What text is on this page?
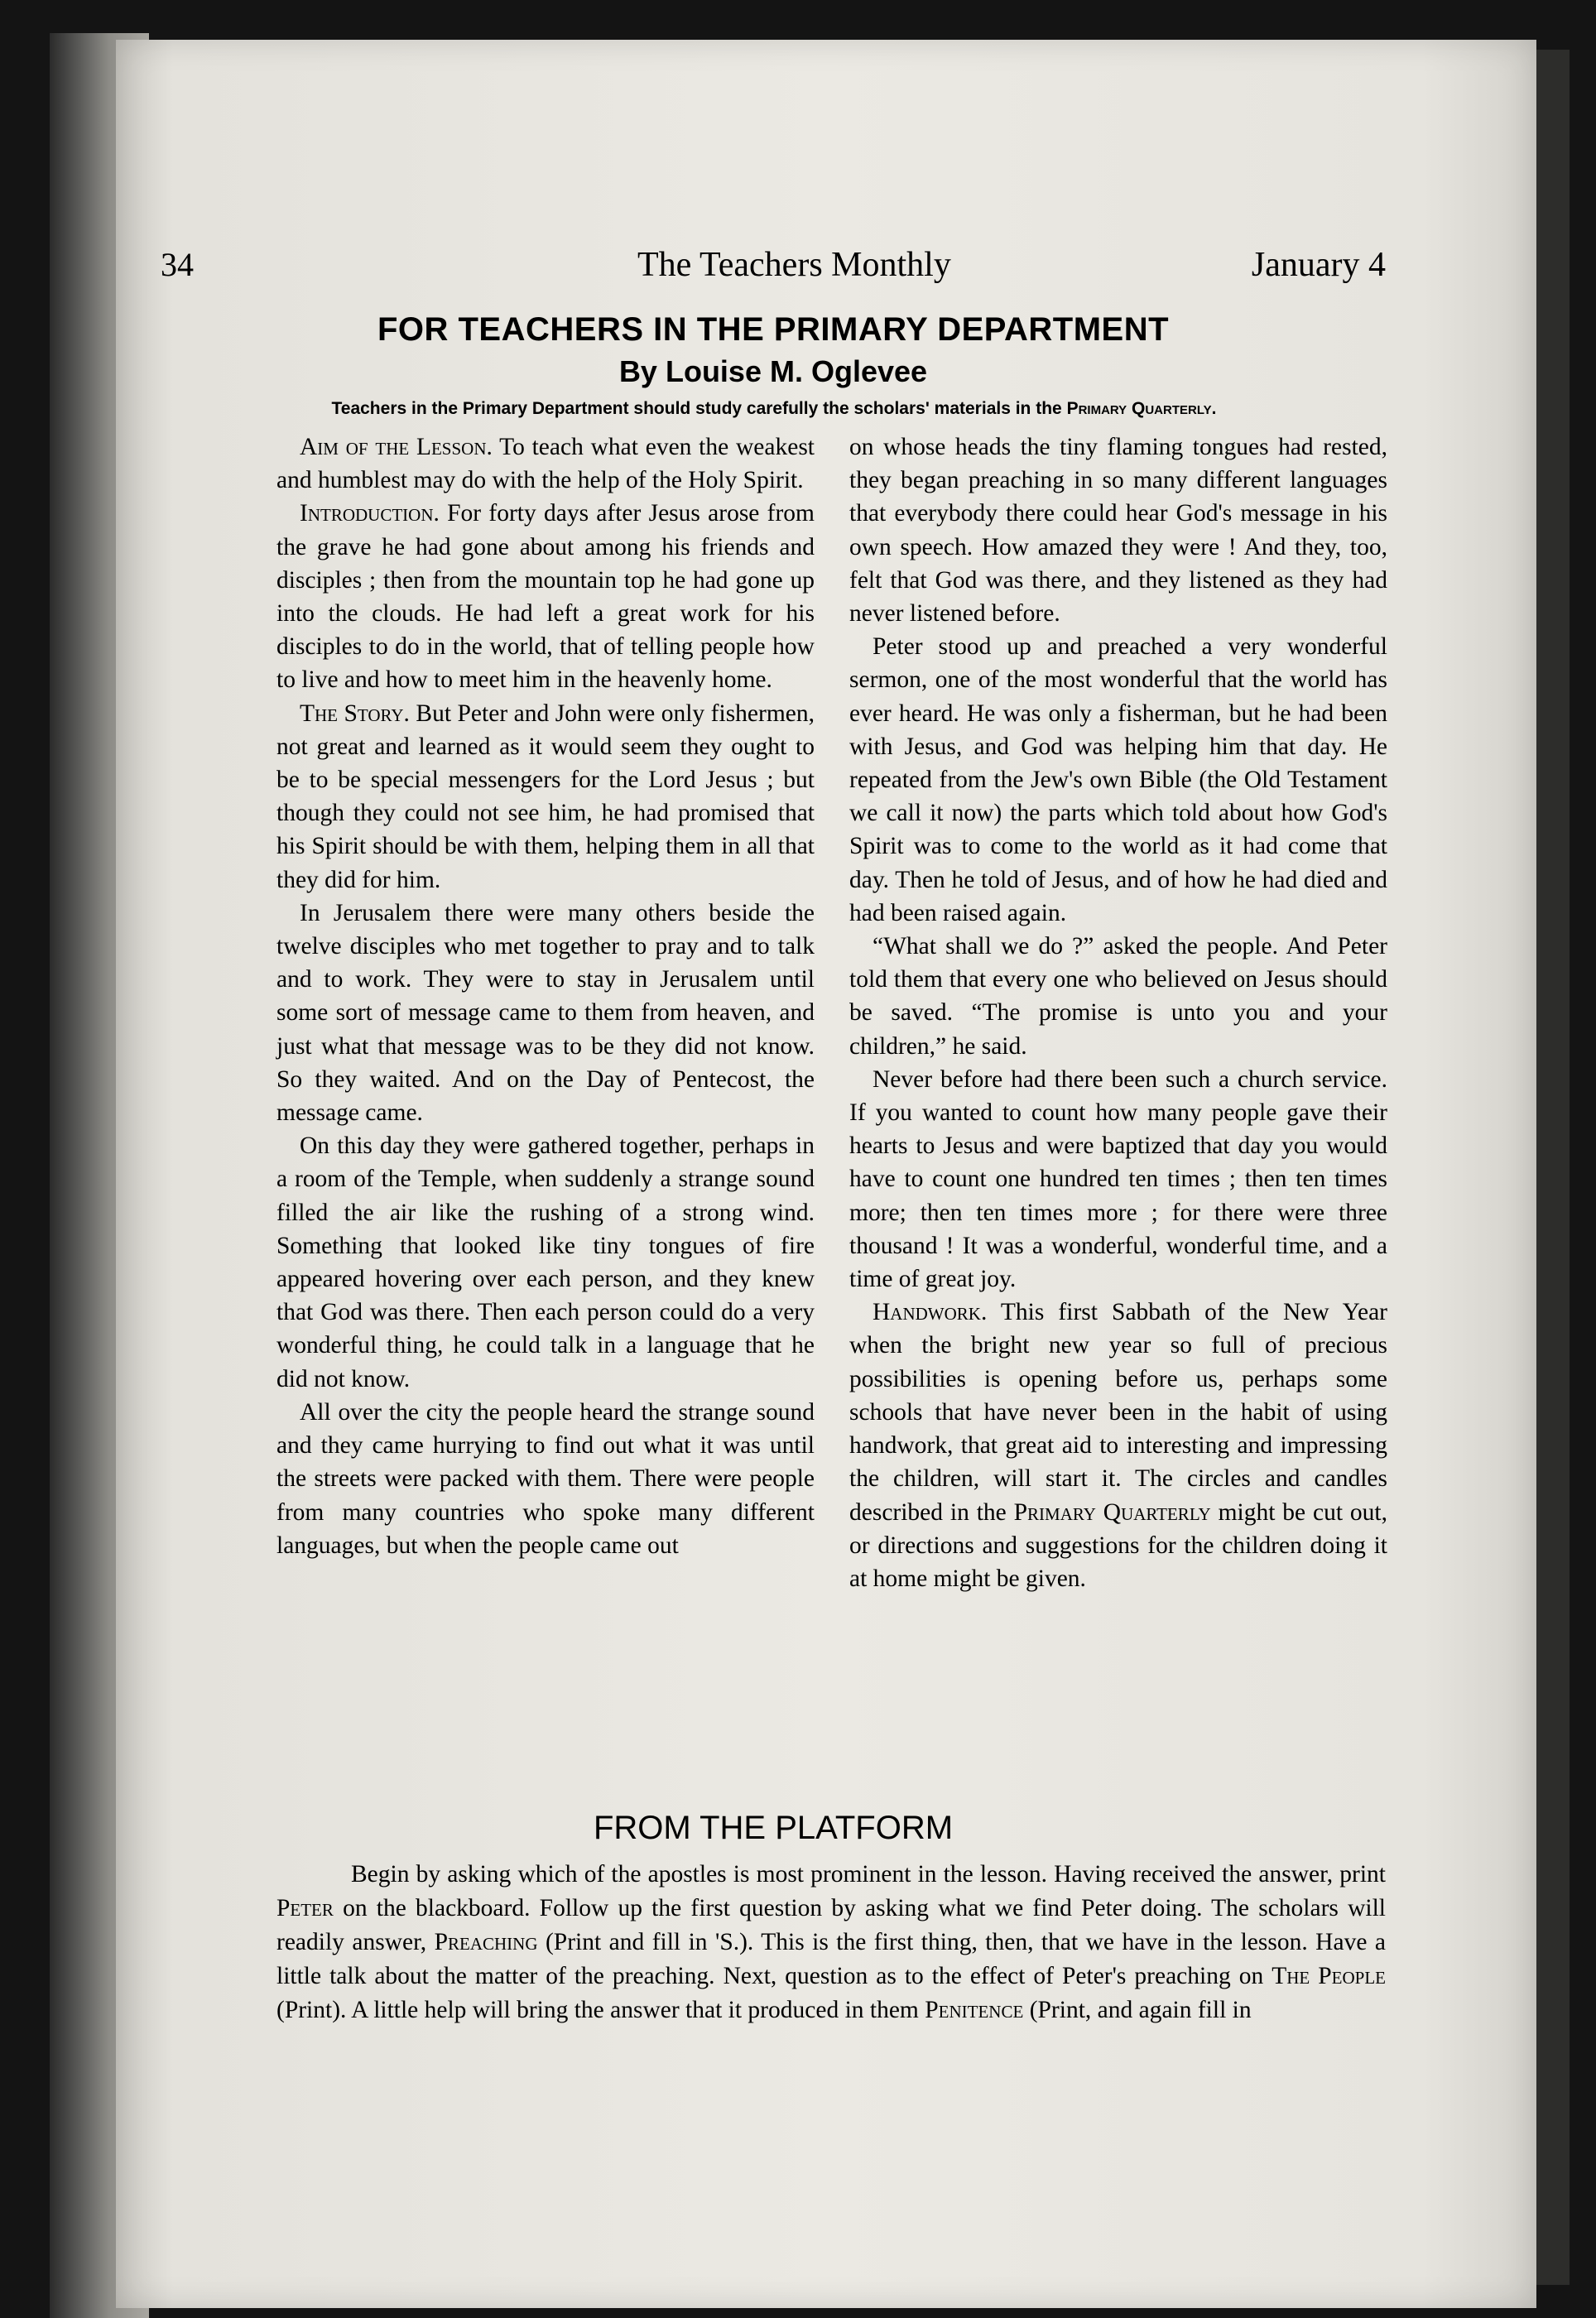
34	The Teachers Monthly	January 4
FOR TEACHERS IN THE PRIMARY DEPARTMENT
By Louise M. Oglevee
Teachers in the Primary Department should study carefully the scholars' materials in the Primary Quarterly.

Aim of the Lesson. To teach what even the weakest and humblest may do with the help of the Holy Spirit.

Introduction. For forty days after Jesus arose from the grave he had gone about among his friends and disciples ; then from the mountain top he had gone up into the clouds. He had left a great work for his disciples to do in the world, that of telling people how to live and how to meet him in the heavenly home.

The Story. But Peter and John were only fishermen, not great and learned as it would seem they ought to be to be special messengers for the Lord Jesus ; but though they could not see him, he had promised that his Spirit should be with them, helping them in all that they did for him.

In Jerusalem there were many others beside the twelve disciples who met together to pray and to talk and to work. They were to stay in Jerusalem until some sort of message came to them from heaven, and just what that message was to be they did not know. So they waited. And on the Day of Pentecost, the message came.

On this day they were gathered together, perhaps in a room of the Temple, when suddenly a strange sound filled the air like the rushing of a strong wind. Something that looked like tiny tongues of fire appeared hovering over each person, and they knew that God was there. Then each person could do a very wonderful thing, he could talk in a language that he did not know.

All over the city the people heard the strange sound and they came hurrying to find out what it was until the streets were packed with them. There were people from many countries who spoke many different languages, but when the people came out

on whose heads the tiny flaming tongues had rested, they began preaching in so many different languages that everybody there could hear God's message in his own speech. How amazed they were ! And they, too, felt that God was there, and they listened as they had never listened before.

Peter stood up and preached a very wonderful sermon, one of the most wonderful that the world has ever heard. He was only a fisherman, but he had been with Jesus, and God was helping him that day. He repeated from the Jew's own Bible (the Old Testament we call it now) the parts which told about how God's Spirit was to come to the world as it had come that day. Then he told of Jesus, and of how he had died and had been raised again.

“What shall we do ?” asked the people. And Peter told them that every one who believed on Jesus should be saved. “The promise is unto you and your children,” he said.

Never before had there been such a church service. If you wanted to count how many people gave their hearts to Jesus and were baptized that day you would have to count one hundred ten times ; then ten times more; then ten times more ; for there were three thousand ! It was a wonderful, wonderful time, and a time of great joy.

Handwork. This first Sabbath of the New Year when the bright new year so full of precious possibilities is opening before us, perhaps some schools that have never been in the habit of using handwork, that great aid to interesting and impressing the children, will start it. The circles and candles described in the Primary Quarterly might be cut out, or directions and suggestions for the children doing it at home might be given.

FROM THE PLATFORM

Begin by asking which of the apostles is most prominent in the lesson. Having received the answer, print Peter on the blackboard. Follow up the first question by asking what we find Peter doing. The scholars will readily answer, Preaching (Print and fill in 'S.). This is the first thing, then, that we have in the lesson. Have a little talk about the matter of the preaching. Next, question as to the effect of Peter's preaching on The People (Print). A little help will bring the answer that it produced in them Penitence (Print, and again fill in
